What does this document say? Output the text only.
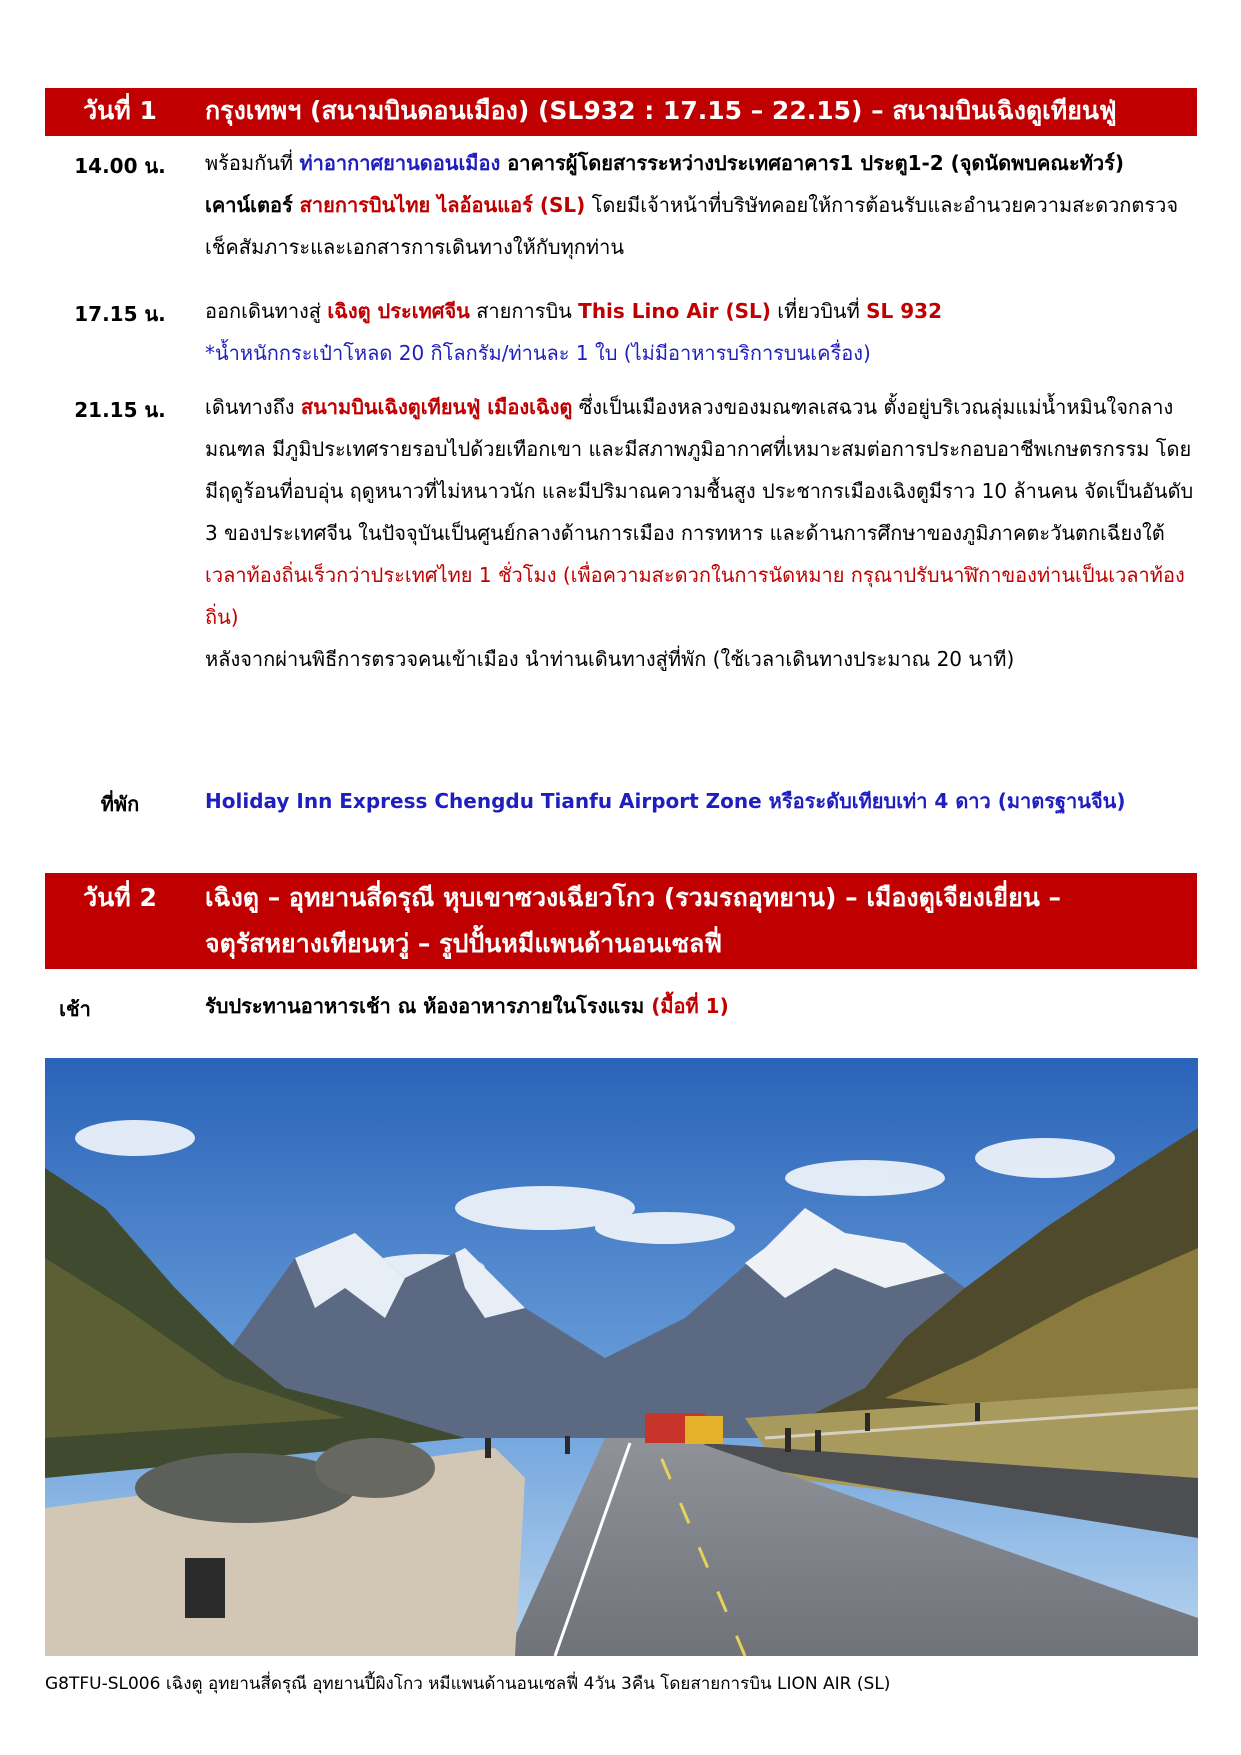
วันที่ 1	กรุงเทพฯ (สนามบินดอนเมือง) (SL932 : 17.15 – 22.15) – สนามบินเฉิงตูเทียนฟู่
14.00 น.	พร้อมกันที่ ท่าอากาศยานดอนเมือง อาคารผู้โดยสารระหว่างประเทศอาคาร1 ประตู1-2 (จุดนัดพบคณะทัวร์) เคาน์เตอร์ สายการบินไทย ไลอ้อนแอร์ (SL) โดยมีเจ้าหน้าที่บริษัทคอยให้การต้อนรับและอำนวยความสะดวกตรวจเช็คสัมภาระและเอกสารการเดินทางให้กับทุกท่าน
17.15 น.	ออกเดินทางสู่ เฉิงตู ประเทศจีน สายการบิน This Lino Air (SL) เที่ยวบินที่ SL 932
*น้ำหนักกระเป๋าโหลด 20 กิโลกรัม/ท่านละ 1 ใบ (ไม่มีอาหารบริการบนเครื่อง)
21.15 น.	เดินทางถึง สนามบินเฉิงตูเทียนฟู่ เมืองเฉิงตู ซึ่งเป็นเมืองหลวงของมณฑลเสฉวน ตั้งอยู่บริเวณลุ่มแม่น้ำหมินใจกลางมณฑล มีภูมิประเทศรายรอบไปด้วยเทือกเขา และมีสภาพภูมิอากาศที่เหมาะสมต่อการประกอบอาชีพเกษตรกรรม โดยมีฤดูร้อนที่อบอุ่น ฤดูหนาวที่ไม่หนาวนัก และมีปริมาณความชื้นสูง ประชากรเมืองเฉิงตูมีราว 10 ล้านคน จัดเป็นอันดับ 3 ของประเทศจีน ในปัจจุบันเป็นศูนย์กลางด้านการเมือง การทหาร และด้านการศึกษาของภูมิภาคตะวันตกเฉียงใต้ เวลาท้องถิ่นเร็วกว่าประเทศไทย 1 ชั่วโมง (เพื่อความสะดวกในการนัดหมาย กรุณาปรับนาฬิกาของท่านเป็นเวลาท้องถิ่น)
หลังจากผ่านพิธีการตรวจคนเข้าเมือง นำท่านเดินทางสู่ที่พัก (ใช้เวลาเดินทางประมาณ 20 นาที)
ที่พัก	Holiday Inn Express Chengdu Tianfu Airport Zone หรือระดับเทียบเท่า 4 ดาว (มาตรฐานจีน)
วันที่ 2	เฉิงตู – อุทยานสี่ดรุณี หุบเขาซวงเฉียวโกว (รวมรถอุทยาน) – เมืองตูเจียงเยี่ยน –
จตุรัสหยางเทียนหวู่ – รูปปั้นหมีแพนด้านอนเซลฟี่
เช้า	รับประทานอาหารเช้า ณ ห้องอาหารภายในโรงแรม (มื้อที่ 1)
G8TFU-SL006 เฉิงตู อุทยานสี่ดรุณี อุทยานปี้ผิงโกว หมีแพนด้านอนเซลฟี่ 4วัน 3คืน โดยสายการบิน LION AIR (SL)
